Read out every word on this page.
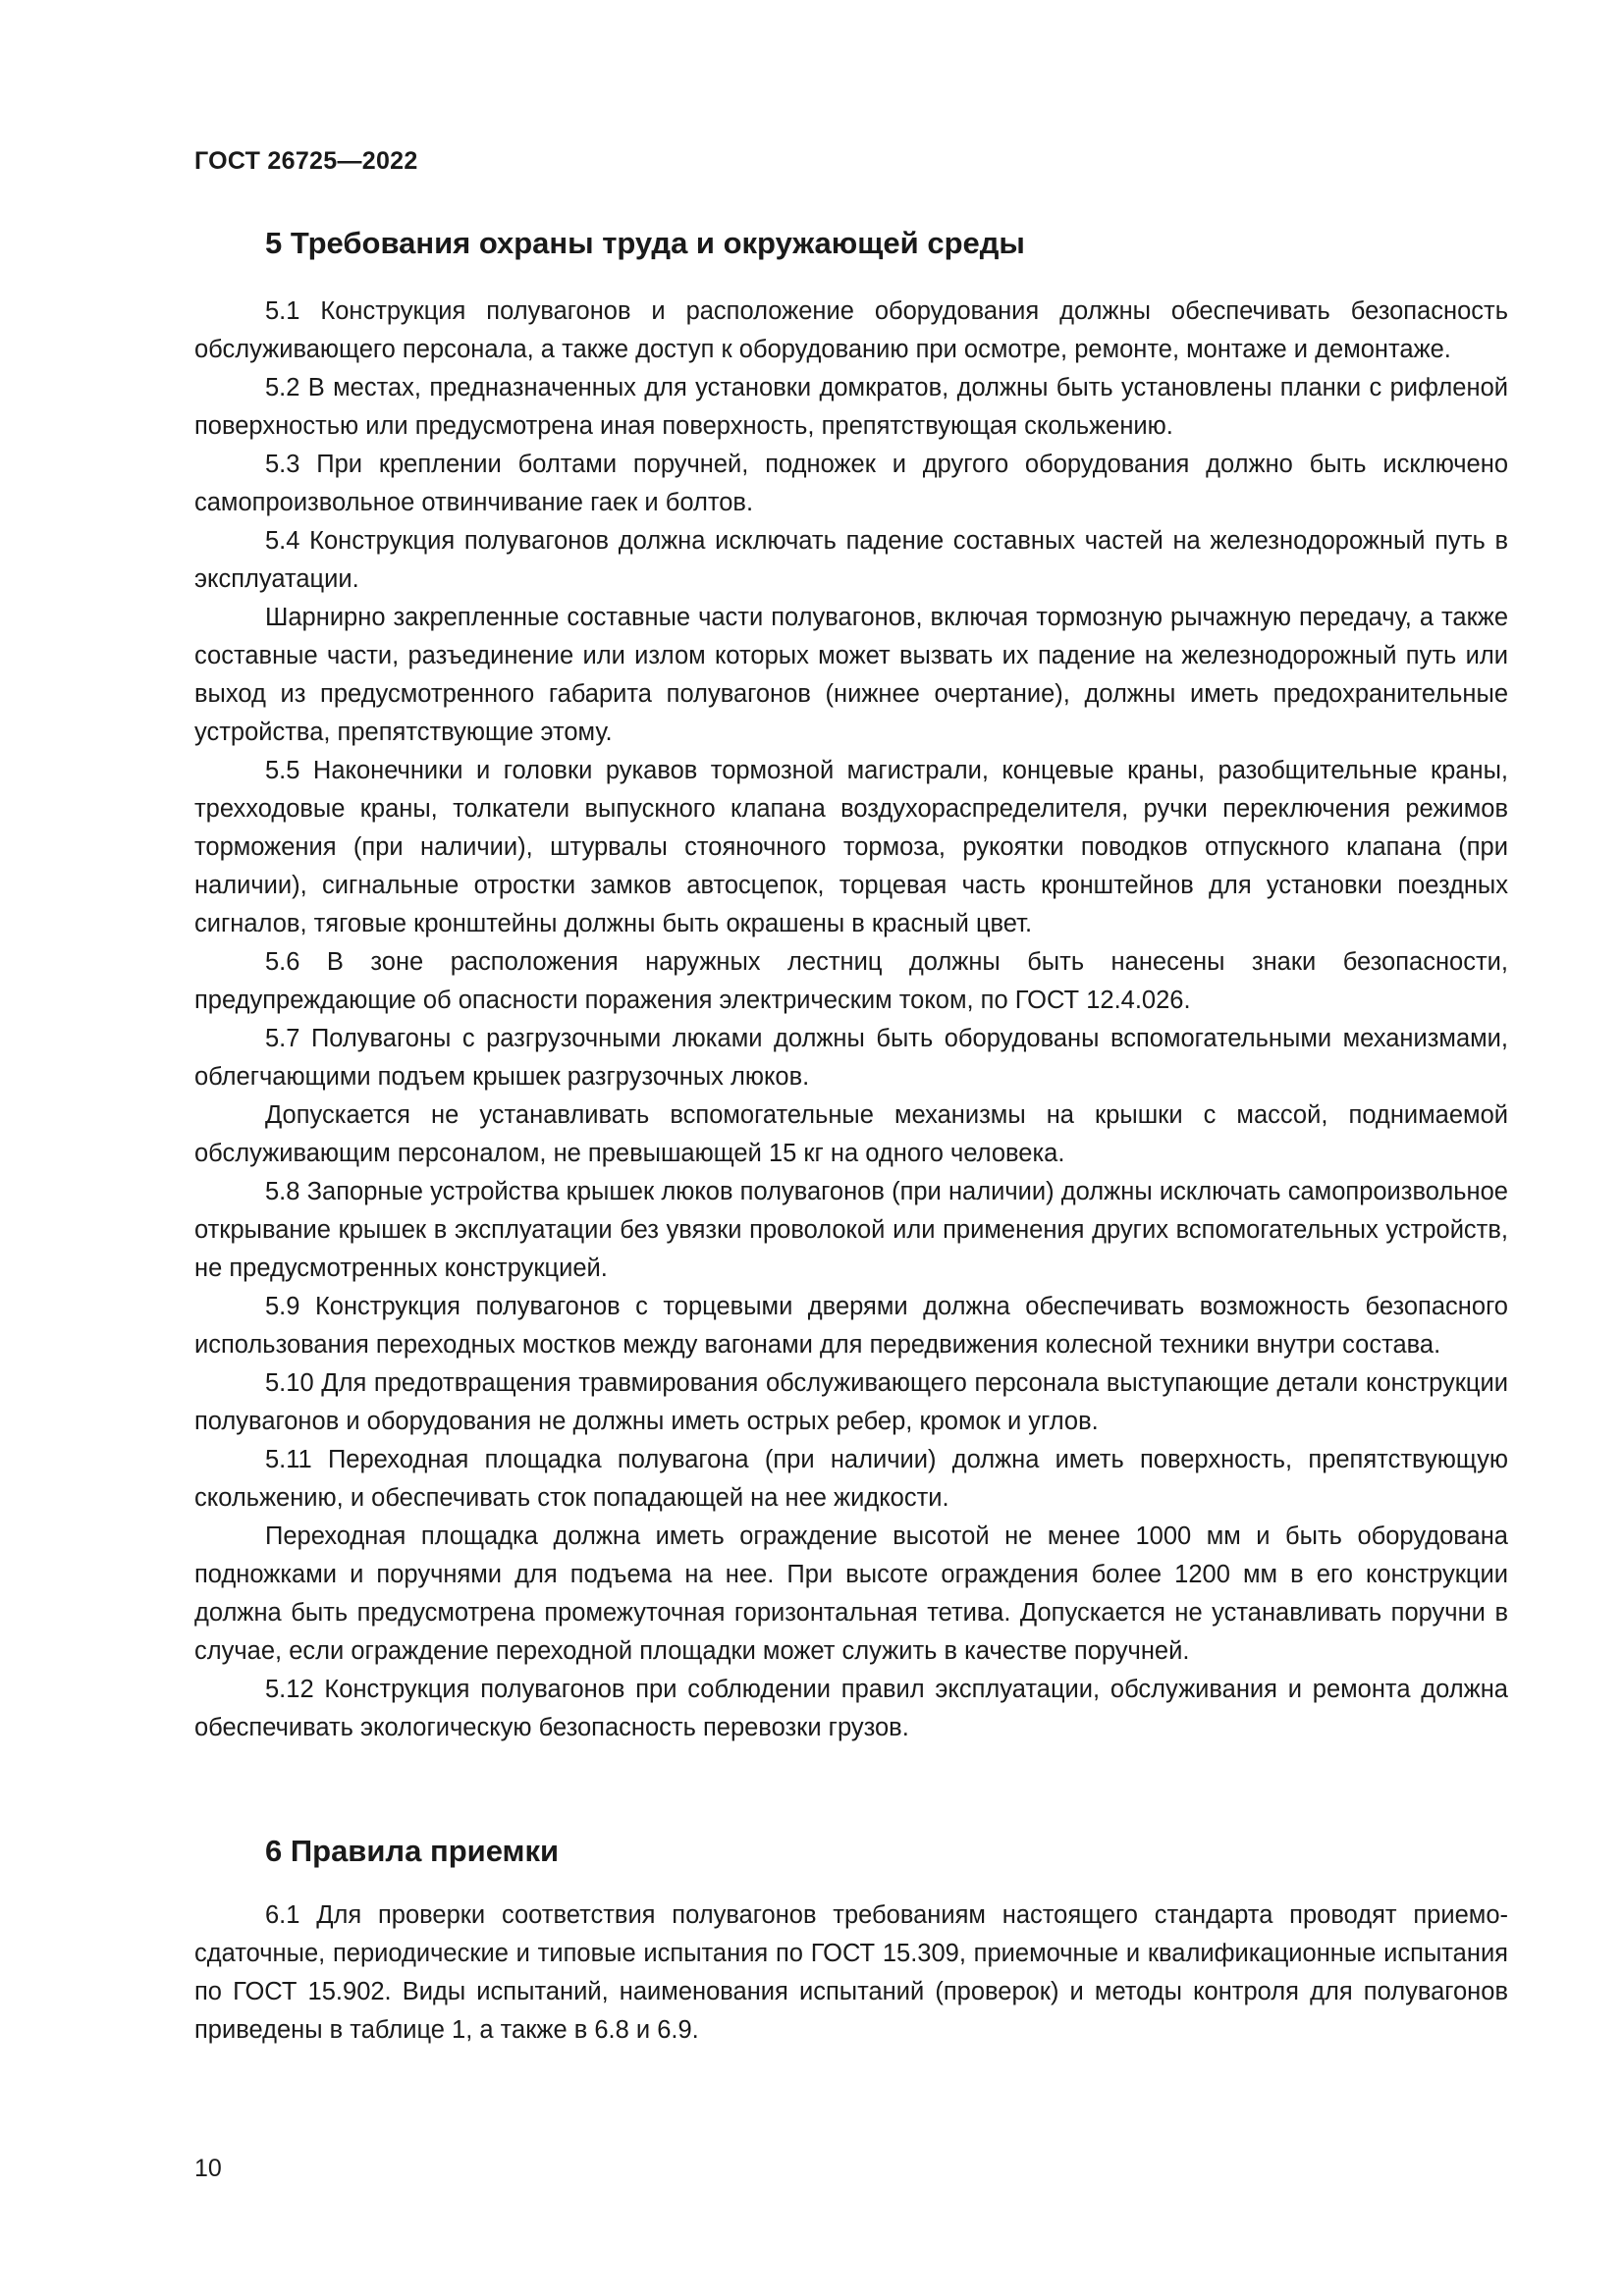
ГОСТ 26725—2022
5 Требования охраны труда и окружающей среды

5.1 Конструкция полувагонов и расположение оборудования должны обеспечивать безопасность обслуживающего персонала, а также доступ к оборудованию при осмотре, ремонте, монтаже и демонтаже.

5.2 В местах, предназначенных для установки домкратов, должны быть установлены планки с рифленой поверхностью или предусмотрена иная поверхность, препятствующая скольжению.

5.3 При креплении болтами поручней, подножек и другого оборудования должно быть исключено самопроизвольное отвинчивание гаек и болтов.

5.4 Конструкция полувагонов должна исключать падение составных частей на железнодорожный путь в эксплуатации.

Шарнирно закрепленные составные части полувагонов, включая тормозную рычажную передачу, а также составные части, разъединение или излом которых может вызвать их падение на железнодорожный путь или выход из предусмотренного габарита полувагонов (нижнее очертание), должны иметь предохранительные устройства, препятствующие этому.

5.5 Наконечники и головки рукавов тормозной магистрали, концевые краны, разобщительные краны, трехходовые краны, толкатели выпускного клапана воздухораспределителя, ручки переключения режимов торможения (при наличии), штурвалы стояночного тормоза, рукоятки поводков отпускного клапана (при наличии), сигнальные отростки замков автосцепок, торцевая часть кронштейнов для установки поездных сигналов, тяговые кронштейны должны быть окрашены в красный цвет.

5.6 В зоне расположения наружных лестниц должны быть нанесены знаки безопасности, предупреждающие об опасности поражения электрическим током, по ГОСТ 12.4.026.

5.7 Полувагоны с разгрузочными люками должны быть оборудованы вспомогательными механизмами, облегчающими подъем крышек разгрузочных люков.

Допускается не устанавливать вспомогательные механизмы на крышки с массой, поднимаемой обслуживающим персоналом, не превышающей 15 кг на одного человека.

5.8 Запорные устройства крышек люков полувагонов (при наличии) должны исключать самопроизвольное открывание крышек в эксплуатации без увязки проволокой или применения других вспомогательных устройств, не предусмотренных конструкцией.

5.9 Конструкция полувагонов с торцевыми дверями должна обеспечивать возможность безопасного использования переходных мостков между вагонами для передвижения колесной техники внутри состава.

5.10 Для предотвращения травмирования обслуживающего персонала выступающие детали конструкции полувагонов и оборудования не должны иметь острых ребер, кромок и углов.

5.11 Переходная площадка полувагона (при наличии) должна иметь поверхность, препятствующую скольжению, и обеспечивать сток попадающей на нее жидкости.

Переходная площадка должна иметь ограждение высотой не менее 1000 мм и быть оборудована подножками и поручнями для подъема на нее. При высоте ограждения более 1200 мм в его конструкции должна быть предусмотрена промежуточная горизонтальная тетива. Допускается не устанавливать поручни в случае, если ограждение переходной площадки может служить в качестве поручней.

5.12 Конструкция полувагонов при соблюдении правил эксплуатации, обслуживания и ремонта должна обеспечивать экологическую безопасность перевозки грузов.

6 Правила приемки

6.1 Для проверки соответствия полувагонов требованиям настоящего стандарта проводят приемо-сдаточные, периодические и типовые испытания по ГОСТ 15.309, приемочные и квалификационные испытания по ГОСТ 15.902. Виды испытаний, наименования испытаний (проверок) и методы контроля для полувагонов приведены в таблице 1, а также в 6.8 и 6.9.

10
